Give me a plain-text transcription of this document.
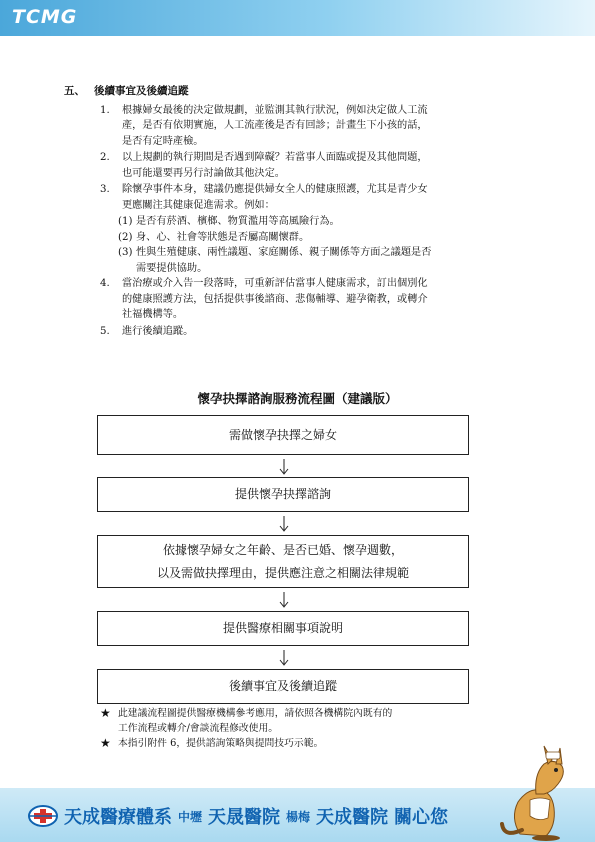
TCMG
五、 後續事宜及後續追蹤
1. 根據婦女最後的決定做規劃，並監測其執行狀況，例如決定做人工流
產，是否有依期實施，人工流產後是否有回診；計畫生下小孩的話，
是否有定時產檢。
2. 以上規劃的執行期間是否遇到障礙？若當事人面臨或提及其他問題，
也可能還要再另行討論做其他決定。
3. 除懷孕事件本身，建議仍應提供婦女全人的健康照護，尤其是青少女
更應關注其健康促進需求。例如：
(1) 是否有菸酒、檳榔、物質濫用等高風險行為。
(2) 身、心、社會等狀態是否屬高關懷群。
(3) 性與生殖健康、兩性議題、家庭關係、親子關係等方面之議題是否
需要提供協助。
4. 當治療或介入告一段落時，可重新評估當事人健康需求，訂出個別化
的健康照護方法，包括提供事後諮商、悲傷輔導、避孕衛教，或轉介
社福機構等。
5. 進行後續追蹤。
懷孕抉擇諮詢服務流程圖（建議版）
需做懷孕抉擇之婦女
提供懷孕抉擇諮詢
依據懷孕婦女之年齡、是否已婚、懷孕週數，
以及需做抉擇理由，提供應注意之相關法律規範
提供醫療相關事項說明
後續事宜及後續追蹤
★ 此建議流程圖提供醫療機構參考應用，請依照各機構院內既有的
工作流程或轉介/會談流程修改使用。
★ 本指引附件 6，提供諮詢策略與提問技巧示範。
天成醫療體系 中壢 天晟醫院 楊梅 天成醫院 關心您
